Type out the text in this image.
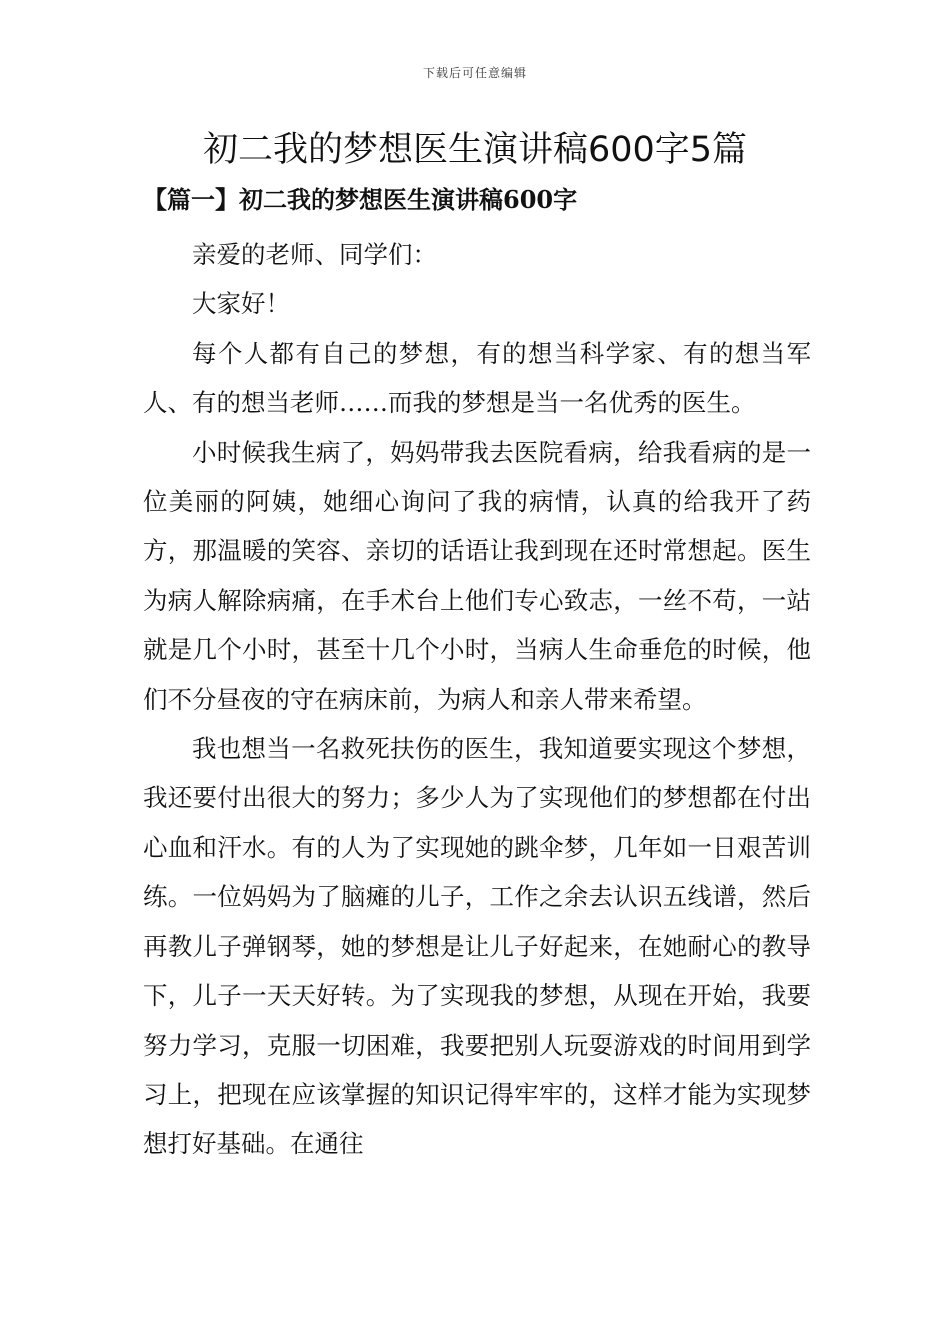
下载后可任意编辑
初二我的梦想医生演讲稿600字5篇
【篇一】初二我的梦想医生演讲稿600字

亲爱的老师、同学们：

大家好！

每个人都有自己的梦想，有的想当科学家、有的想当军人、有的想当老师……而我的梦想是当一名优秀的医生。

小时候我生病了，妈妈带我去医院看病，给我看病的是一位美丽的阿姨，她细心询问了我的病情，认真的给我开了药方，那温暖的笑容、亲切的话语让我到现在还时常想起。医生为病人解除病痛，在手术台上他们专心致志，一丝不苟，一站就是几个小时，甚至十几个小时，当病人生命垂危的时候，他们不分昼夜的守在病床前，为病人和亲人带来希望。

我也想当一名救死扶伤的医生，我知道要实现这个梦想，我还要付出很大的努力；多少人为了实现他们的梦想都在付出心血和汗水。有的人为了实现她的跳伞梦，几年如一日艰苦训练。一位妈妈为了脑瘫的儿子，工作之余去认识五线谱，然后再教儿子弹钢琴，她的梦想是让儿子好起来，在她耐心的教导下，儿子一天天好转。为了实现我的梦想，从现在开始，我要努力学习，克服一切困难，我要把别人玩耍游戏的时间用到学习上，把现在应该掌握的知识记得牢牢的，这样才能为实现梦想打好基础。在通往
